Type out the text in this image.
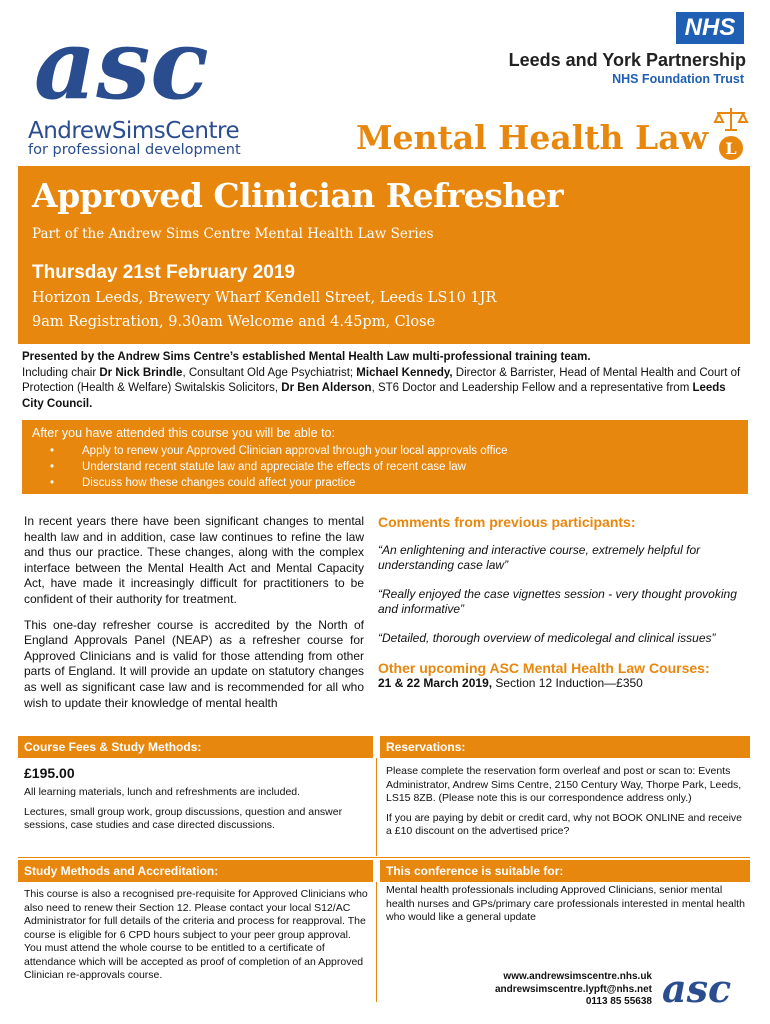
asc
AndrewSimsCentre
for professional development
NHS
Leeds and York Partnership
NHS Foundation Trust
Mental Health Law L
Approved Clinician Refresher
Part of the Andrew Sims Centre Mental Health Law Series
Thursday 21st February 2019
Horizon Leeds, Brewery Wharf Kendell Street, Leeds LS10 1JR
9am Registration, 9.30am Welcome and 4.45pm, Close
Presented by the Andrew Sims Centre’s established Mental Health Law multi-professional training team.
Including chair Dr Nick Brindle, Consultant Old Age Psychiatrist; Michael Kennedy, Director & Barrister, Head of Mental Health and Court of Protection (Health & Welfare) Switalskis Solicitors, Dr Ben Alderson, ST6 Doctor and Leadership Fellow and a representative from Leeds City Council.
After you have attended this course you will be able to:
• Apply to renew your Approved Clinician approval through your local approvals office
• Understand recent statute law and appreciate the effects of recent case law
• Discuss how these changes could affect your practice

In recent years there have been significant changes to mental health law and in addition, case law continues to refine the law and thus our practice. These changes, along with the complex interface between the Mental Health Act and Mental Capacity Act, have made it increasingly difficult for practitioners to be confident of their authority for treatment.

This one-day refresher course is accredited by the North of England Approvals Panel (NEAP) as a refresher course for Approved Clinicians and is valid for those attending from other parts of England. It will provide an update on statutory changes as well as significant case law and is recommended for all who wish to update their knowledge of mental health

Comments from previous participants:
“An enlightening and interactive course, extremely helpful for understanding case law”
“Really enjoyed the case vignettes session - very thought provoking and informative”
“Detailed, thorough overview of medicolegal and clinical issues”
Other upcoming ASC Mental Health Law Courses:
21 & 22 March 2019, Section 12 Induction—£350
Course Fees & Study Methods:	Reservations:
£195.00

All learning materials, lunch and refreshments are included.

Lectures, small group work, group discussions, question and answer sessions, case studies and case directed discussions.

Please complete the reservation form overleaf and post or scan to: Events Administrator, Andrew Sims Centre, 2150 Century Way, Thorpe Park, Leeds, LS15 8ZB. (Please note this is our correspondence address only.)

If you are paying by debit or credit card, why not BOOK ONLINE and receive a £10 discount on the advertised price?

Study Methods and Accreditation:	This conference is suitable for:
This course is also a recognised pre-requisite for Approved Clinicians who also need to renew their Section 12. Please contact your local S12/AC Administrator for full details of the criteria and process for reapproval. The course is eligible for 6 CPD hours subject to your peer group approval. You must attend the whole course to be entitled to a certificate of attendance which will be accepted as proof of completion of an Approved Clinician re-approvals course.
Mental health professionals including Approved Clinicians, senior mental health nurses and GPs/primary care professionals interested in mental health who would like a general update
www.andrewsimscentre.nhs.uk
andrewsimscentre.lypft@nhs.net
0113 85 55638 asc
